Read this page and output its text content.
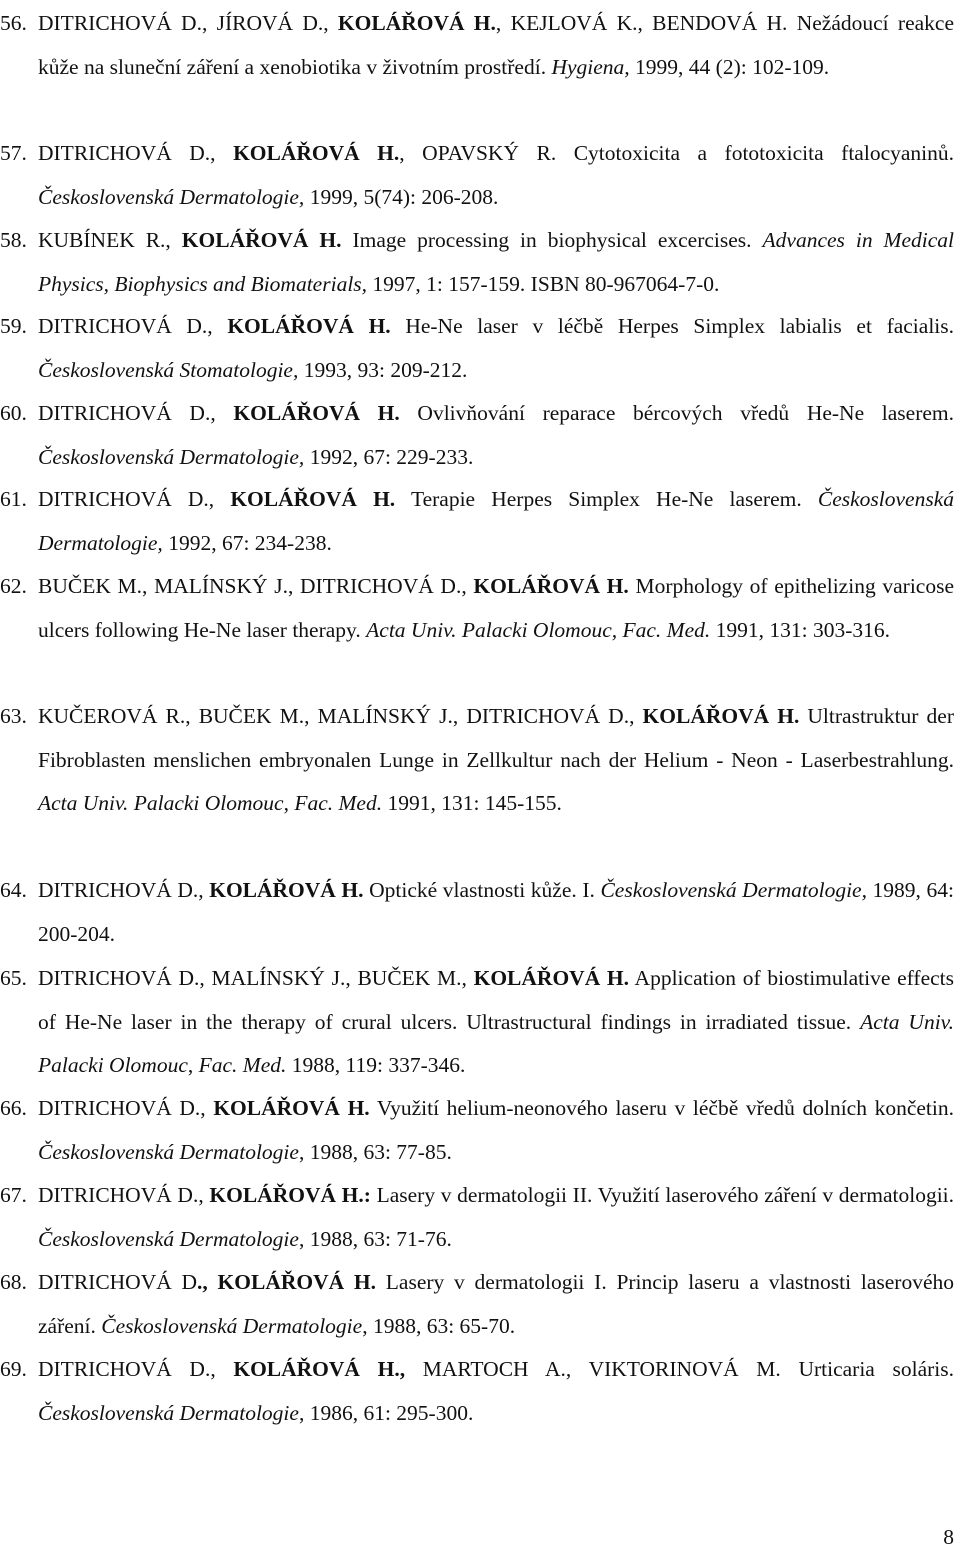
56. DITRICHOVÁ D., JÍROVÁ D., KOLÁŘOVÁ H., KEJLOVÁ K., BENDOVÁ H. Nežádoucí reakce kůže na sluneční záření a xenobiotika v životním prostředí. Hygiena, 1999, 44 (2): 102-109.
57. DITRICHOVÁ D., KOLÁŘOVÁ H., OPAVSKÝ R. Cytotoxicita a fototoxicita ftalocyaninů. Československá Dermatologie, 1999, 5(74): 206-208.
58. KUBÍNEK R., KOLÁŘOVÁ H. Image processing in biophysical excercises. Advances in Medical Physics, Biophysics and Biomaterials, 1997, 1: 157-159. ISBN 80-967064-7-0.
59. DITRICHOVÁ D., KOLÁŘOVÁ H. He-Ne laser v léčbě Herpes Simplex labialis et facialis. Československá Stomatologie, 1993, 93: 209-212.
60. DITRICHOVÁ D., KOLÁŘOVÁ H. Ovlivňování reparace bércových vředů He-Ne laserem. Československá Dermatologie, 1992, 67: 229-233.
61. DITRICHOVÁ D., KOLÁŘOVÁ H. Terapie Herpes Simplex He-Ne laserem. Československá Dermatologie, 1992, 67: 234-238.
62. BUČEK M., MALÍNSKÝ J., DITRICHOVÁ D., KOLÁŘOVÁ H. Morphology of epithelizing varicose ulcers following He-Ne laser therapy. Acta Univ. Palacki Olomouc, Fac. Med. 1991, 131: 303-316.
63. KUČEROVÁ R., BUČEK M., MALÍNSKÝ J., DITRICHOVÁ D., KOLÁŘOVÁ H. Ultrastruktur der Fibroblasten menslichen embryonalen Lunge in Zellkultur nach der Helium - Neon - Laserbestrahlung. Acta Univ. Palacki Olomouc, Fac. Med. 1991, 131: 145-155.
64. DITRICHOVÁ D., KOLÁŘOVÁ H. Optické vlastnosti kůže. I. Československá Dermatologie, 1989, 64: 200-204.
65. DITRICHOVÁ D., MALÍNSKÝ J., BUČEK M., KOLÁŘOVÁ H. Application of biostimulative effects of He-Ne laser in the therapy of crural ulcers. Ultrastructural findings in irradiated tissue. Acta Univ. Palacki Olomouc, Fac. Med. 1988, 119: 337-346.
66. DITRICHOVÁ D., KOLÁŘOVÁ H. Využití helium-neonového laseru v léčbě vředů dolních končetin. Československá Dermatologie, 1988, 63: 77-85.
67. DITRICHOVÁ D., KOLÁŘOVÁ H.: Lasery v dermatologii II. Využití laserového záření v dermatologii. Československá Dermatologie, 1988, 63: 71-76.
68. DITRICHOVÁ D., KOLÁŘOVÁ H. Lasery v dermatologii I. Princip laseru a vlastnosti laserového záření. Československá Dermatologie, 1988, 63: 65-70.
69. DITRICHOVÁ D., KOLÁŘOVÁ H., MARTOCH A., VIKTORINOVÁ M. Urticaria soláris. Československá Dermatologie, 1986, 61: 295-300.
8
